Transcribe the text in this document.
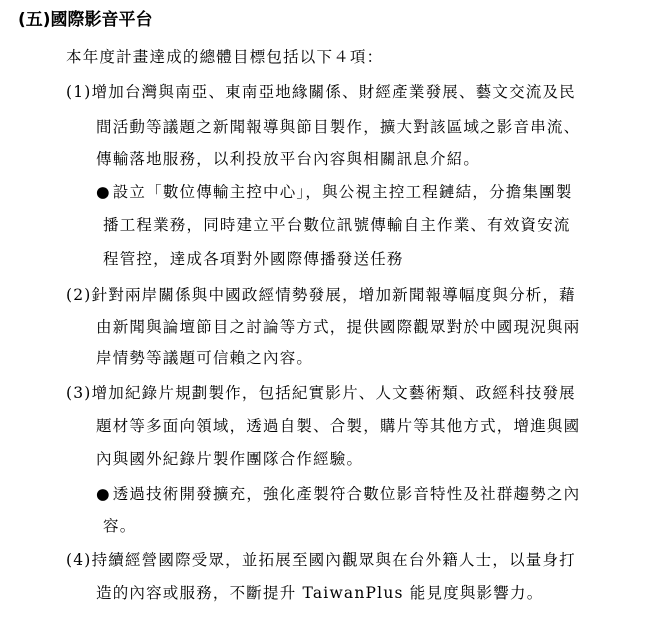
(五)國際影音平台
本年度計畫達成的總體目標包括以下４項：
(1)增加台灣與南亞、東南亞地緣關係、財經產業發展、藝文交流及民
間活動等議題之新聞報導與節目製作，擴大對該區域之影音串流、
傳輸落地服務，以利投放平台內容與相關訊息介紹。
● 設立「數位傳輸主控中心」，與公視主控工程鏈結，分擔集團製
播工程業務，同時建立平台數位訊號傳輸自主作業、有效資安流
程管控，達成各項對外國際傳播發送任務
(2)針對兩岸關係與中國政經情勢發展，增加新聞報導幅度與分析，藉
由新聞與論壇節目之討論等方式，提供國際觀眾對於中國現況與兩
岸情勢等議題可信賴之內容。
(3)增加紀錄片規劃製作，包括紀實影片、人文藝術類、政經科技發展
題材等多面向領域，透過自製、合製，購片等其他方式，增進與國
內與國外紀錄片製作團隊合作經驗。
● 透過技術開發擴充，強化產製符合數位影音特性及社群趨勢之內
容。
(4)持續經營國際受眾，並拓展至國內觀眾與在台外籍人士，以量身打
造的內容或服務，不斷提升 TaiwanPlus 能見度與影響力。
